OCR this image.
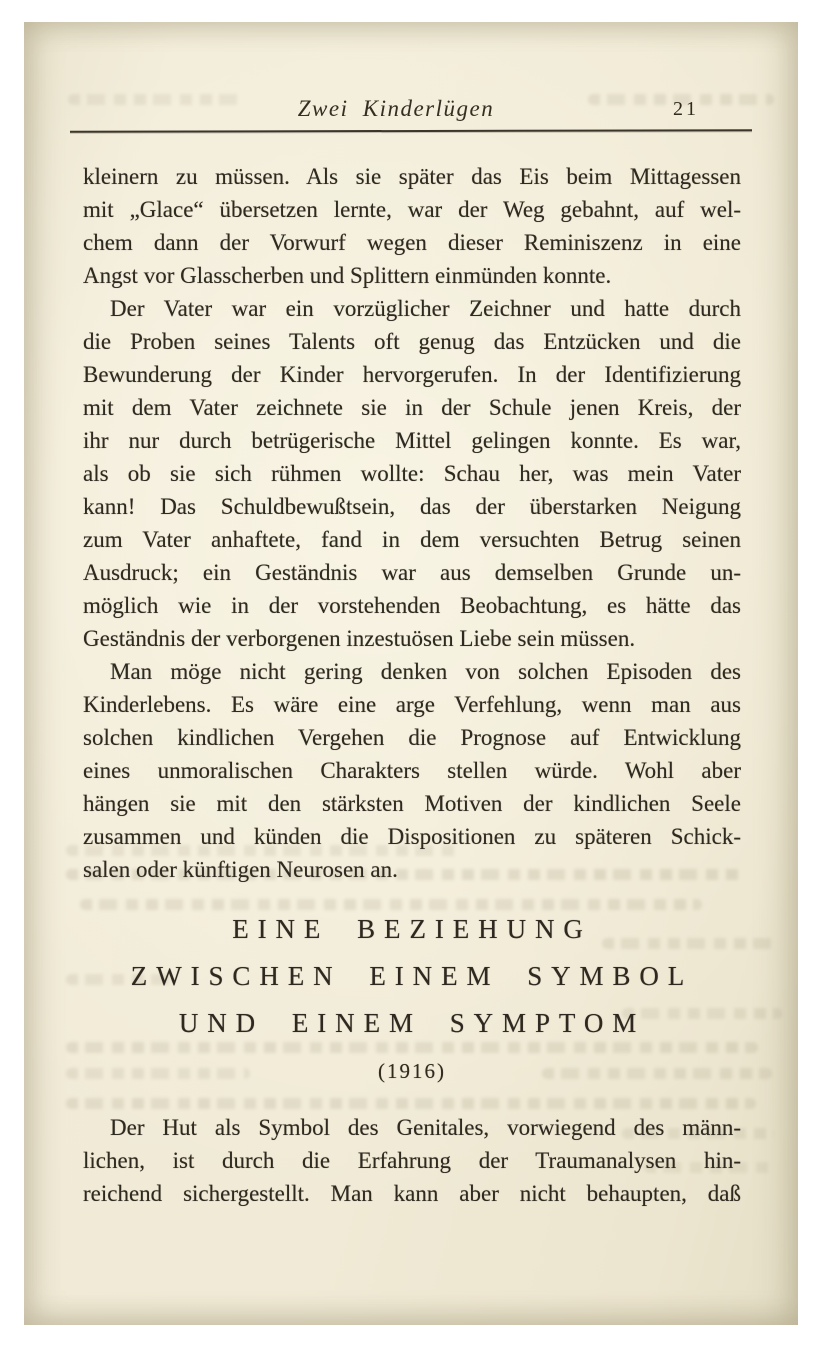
Zwei Kinderlügen	21
kleinern zu müssen. Als sie später das Eis beim Mittagessen
mit „Glace“ übersetzen lernte, war der Weg gebahnt, auf wel-
chem dann der Vorwurf wegen dieser Reminiszenz in eine
Angst vor Glasscherben und Splittern einmünden konnte.
Der Vater war ein vorzüglicher Zeichner und hatte durch
die Proben seines Talents oft genug das Entzücken und die
Bewunderung der Kinder hervorgerufen. In der Identifizierung
mit dem Vater zeichnete sie in der Schule jenen Kreis, der
ihr nur durch betrügerische Mittel gelingen konnte. Es war,
als ob sie sich rühmen wollte: Schau her, was mein Vater
kann! Das Schuldbewußtsein, das der überstarken Neigung
zum Vater anhaftete, fand in dem versuchten Betrug seinen
Ausdruck; ein Geständnis war aus demselben Grunde un-
möglich wie in der vorstehenden Beobachtung, es hätte das
Geständnis der verborgenen inzestuösen Liebe sein müssen.
Man möge nicht gering denken von solchen Episoden des
Kinderlebens. Es wäre eine arge Verfehlung, wenn man aus
solchen kindlichen Vergehen die Prognose auf Entwicklung
eines unmoralischen Charakters stellen würde. Wohl aber
hängen sie mit den stärksten Motiven der kindlichen Seele
zusammen und künden die Dispositionen zu späteren Schick-
salen oder künftigen Neurosen an.
EINE BEZIEHUNG
ZWISCHEN EINEM SYMBOL
UND EINEM SYMPTOM
(1916)
Der Hut als Symbol des Genitales, vorwiegend des männ-
lichen, ist durch die Erfahrung der Traumanalysen hin-
reichend sichergestellt. Man kann aber nicht behaupten, daß
